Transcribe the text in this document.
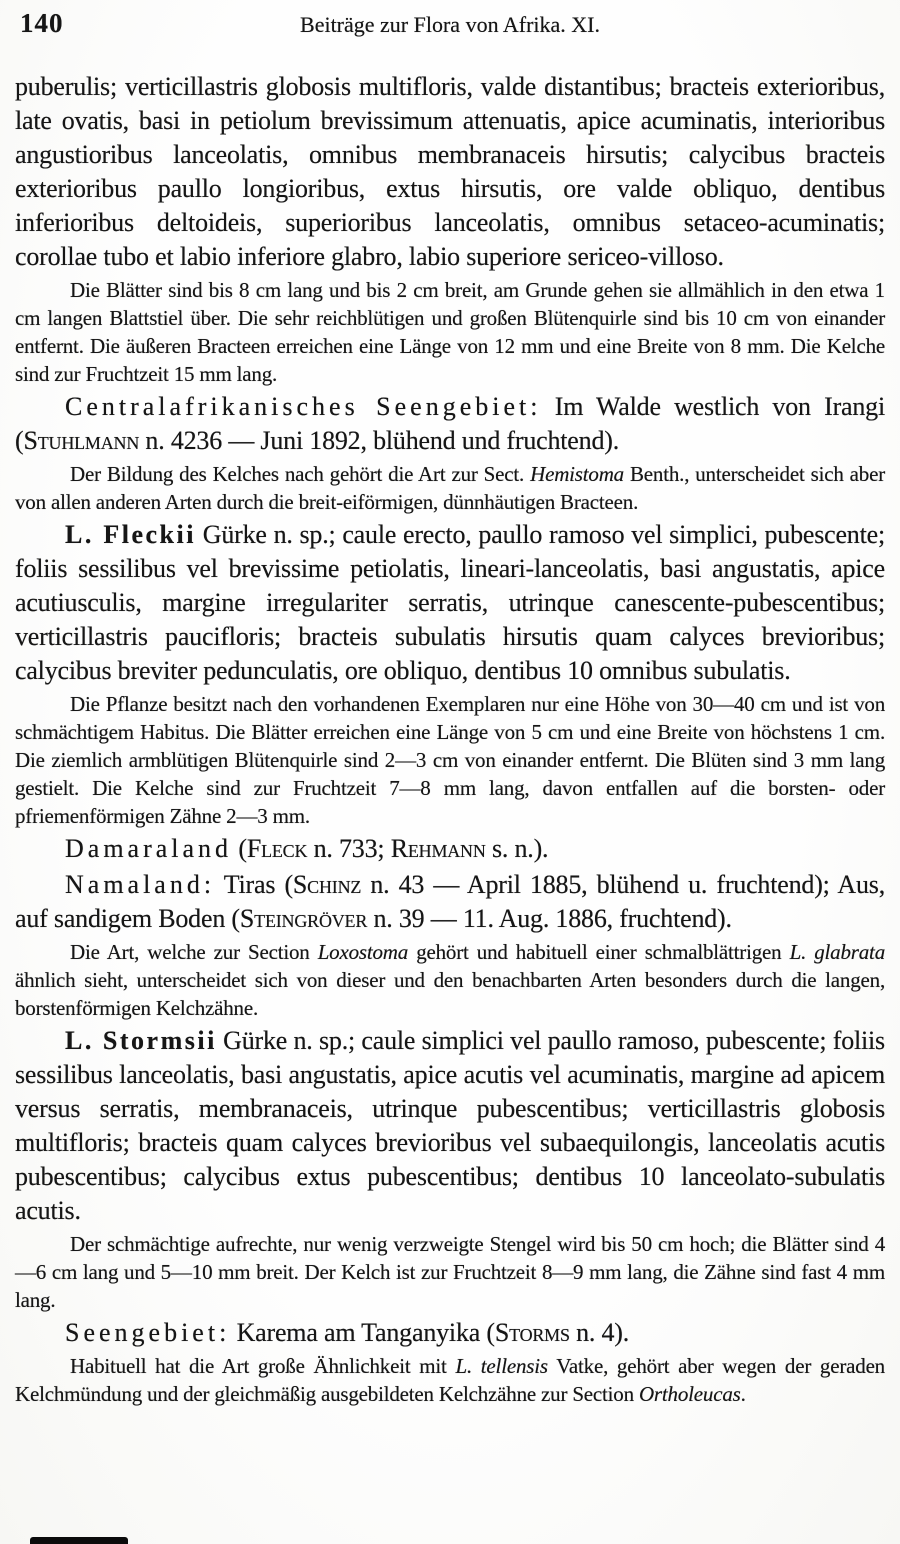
140	Beiträge zur Flora von Afrika. XI.

puberulis; verticillastris globosis multifloris, valde distantibus; bracteis exterioribus, late ovatis, basi in petiolum brevissimum attenuatis, apice acuminatis, interioribus angustioribus lanceolatis, omnibus membranaceis hirsutis; calycibus bracteis exterioribus paullo longioribus, extus hirsutis, ore valde obliquo, dentibus inferioribus deltoideis, superioribus lanceolatis, omnibus setaceo-acuminatis; corollae tubo et labio inferiore glabro, labio superiore sericeo-villoso.

Die Blätter sind bis 8 cm lang und bis 2 cm breit, am Grunde gehen sie allmählich in den etwa 1 cm langen Blattstiel über. Die sehr reichblütigen und großen Blütenquirle sind bis 10 cm von einander entfernt. Die äußeren Bracteen erreichen eine Länge von 12 mm und eine Breite von 8 mm. Die Kelche sind zur Fruchtzeit 15 mm lang.

Centralafrikanisches Seengebiet: Im Walde westlich von Irangi (Stuhlmann n. 4236 — Juni 1892, blühend und fruchtend).

Der Bildung des Kelches nach gehört die Art zur Sect. Hemistoma Benth., unterscheidet sich aber von allen anderen Arten durch die breit-eiförmigen, dünnhäutigen Bracteen.

L. Fleckii Gürke n. sp.; caule erecto, paullo ramoso vel simplici, pubescente; foliis sessilibus vel brevissime petiolatis, lineari-lanceolatis, basi angustatis, apice acutiusculis, margine irregulariter serratis, utrinque canescente-pubescentibus; verticillastris paucifloris; bracteis subulatis hirsutis quam calyces brevioribus; calycibus breviter pedunculatis, ore obliquo, dentibus 10 omnibus subulatis.

Die Pflanze besitzt nach den vorhandenen Exemplaren nur eine Höhe von 30—40 cm und ist von schmächtigem Habitus. Die Blätter erreichen eine Länge von 5 cm und eine Breite von höchstens 1 cm. Die ziemlich armblütigen Blütenquirle sind 2—3 cm von einander entfernt. Die Blüten sind 3 mm lang gestielt. Die Kelche sind zur Fruchtzeit 7—8 mm lang, davon entfallen auf die borsten- oder pfriemenförmigen Zähne 2—3 mm.

Damaraland (Fleck n. 733; Rehmann s. n.).

Namaland: Tiras (Schinz n. 43 — April 1885, blühend u. fruchtend); Aus, auf sandigem Boden (Steingröver n. 39 — 11. Aug. 1886, fruchtend).

Die Art, welche zur Section Loxostoma gehört und habituell einer schmalblättrigen L. glabrata ähnlich sieht, unterscheidet sich von dieser und den benachbarten Arten besonders durch die langen, borstenförmigen Kelchzähne.

L. Stormsii Gürke n. sp.; caule simplici vel paullo ramoso, pubescente; foliis sessilibus lanceolatis, basi angustatis, apice acutis vel acuminatis, margine ad apicem versus serratis, membranaceis, utrinque pubescentibus; verticillastris globosis multifloris; bracteis quam calyces brevioribus vel subaequilongis, lanceolatis acutis pubescentibus; calycibus extus pubescentibus; dentibus 10 lanceolato-subulatis acutis.

Der schmächtige aufrechte, nur wenig verzweigte Stengel wird bis 50 cm hoch; die Blätter sind 4—6 cm lang und 5—10 mm breit. Der Kelch ist zur Fruchtzeit 8—9 mm lang, die Zähne sind fast 4 mm lang.

Seengebiet: Karema am Tanganyika (Storms n. 4).

Habituell hat die Art große Ähnlichkeit mit L. tellensis Vatke, gehört aber wegen der geraden Kelchmündung und der gleichmäßig ausgebildeten Kelchzähne zur Section Ortholeucas.
